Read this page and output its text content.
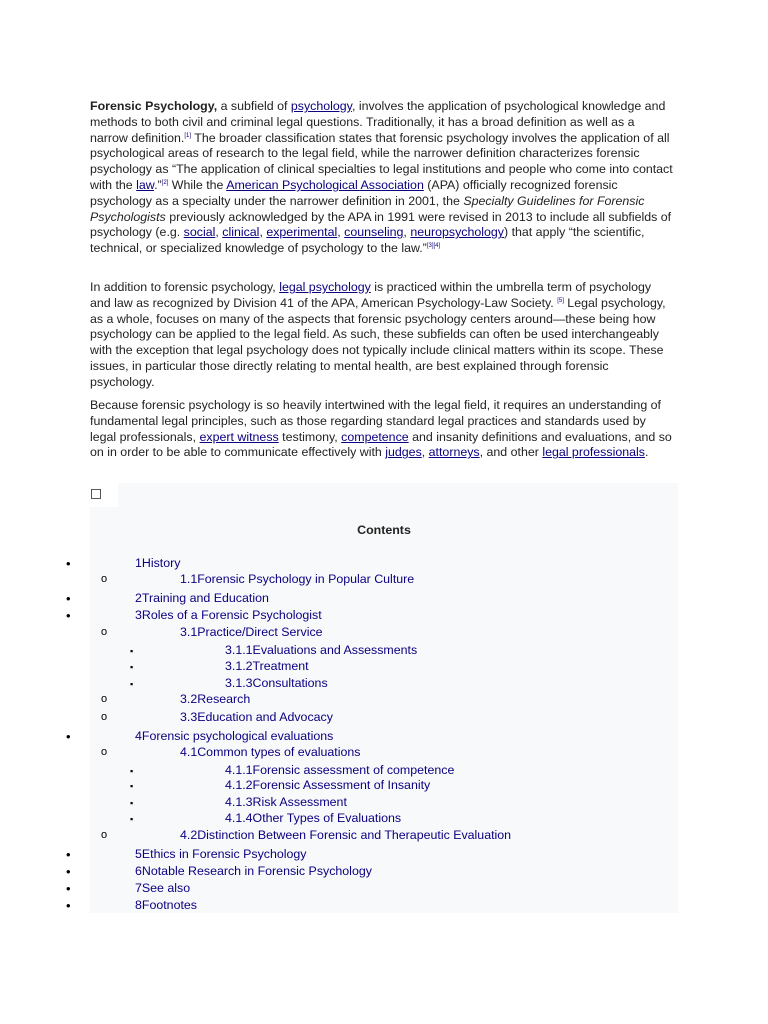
Forensic Psychology, a subfield of psychology, involves the application of psychological knowledge and methods to both civil and criminal legal questions. Traditionally, it has a broad definition as well as a narrow definition.[1] The broader classification states that forensic psychology involves the application of all psychological areas of research to the legal field, while the narrower definition characterizes forensic psychology as “The application of clinical specialties to legal institutions and people who come into contact with the law.”[2] While the American Psychological Association (APA) officially recognized forensic psychology as a specialty under the narrower definition in 2001, the Specialty Guidelines for Forensic Psychologists previously acknowledged by the APA in 1991 were revised in 2013 to include all subfields of psychology (e.g. social, clinical, experimental, counseling, neuropsychology) that apply “the scientific, technical, or specialized knowledge of psychology to the law.”[3][4]

In addition to forensic psychology, legal psychology is practiced within the umbrella term of psychology and law as recognized by Division 41 of the APA, American Psychology-Law Society. [5] Legal psychology, as a whole, focuses on many of the aspects that forensic psychology centers around—these being how psychology can be applied to the legal field. As such, these subfields can often be used interchangeably with the exception that legal psychology does not typically include clinical matters within its scope. These issues, in particular those directly relating to mental health, are best explained through forensic psychology.

Because forensic psychology is so heavily intertwined with the legal field, it requires an understanding of fundamental legal principles, such as those regarding standard legal practices and standards used by legal professionals, expert witness testimony, competence and insanity definitions and evaluations, and so on in order to be able to communicate effectively with judges, attorneys, and other legal professionals.

Contents
•	1History
o	1.1Forensic Psychology in Popular Culture
•	2Training and Education
•	3Roles of a Forensic Psychologist
o	3.1Practice/Direct Service
▪	3.1.1Evaluations and Assessments
▪	3.1.2Treatment
▪	3.1.3Consultations
o	3.2Research
o	3.3Education and Advocacy
•	4Forensic psychological evaluations
o	4.1Common types of evaluations
▪	4.1.1Forensic assessment of competence
▪	4.1.2Forensic Assessment of Insanity
▪	4.1.3Risk Assessment
▪	4.1.4Other Types of Evaluations
o	4.2Distinction Between Forensic and Therapeutic Evaluation
•	5Ethics in Forensic Psychology
•	6Notable Research in Forensic Psychology
•	7See also
•	8Footnotes
